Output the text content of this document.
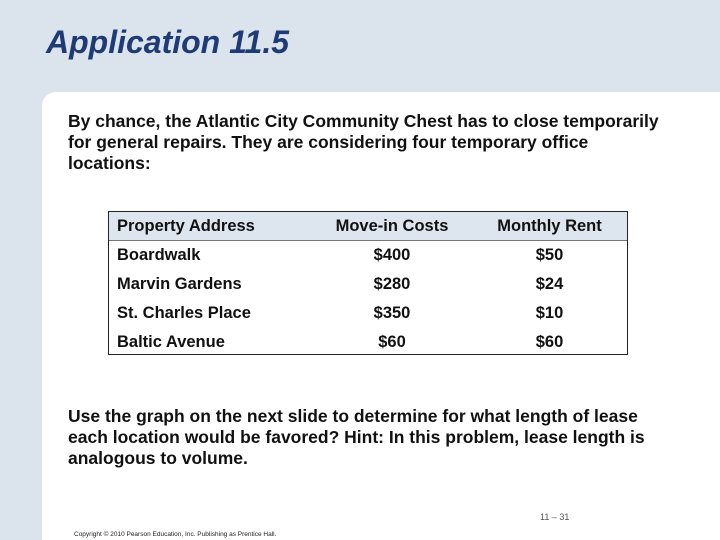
Application 11.5
By chance, the Atlantic City Community Chest has to close temporarily for general repairs. They are considering four temporary office locations:
Property Address	Move-in Costs	Monthly Rent
Boardwalk	$400	$50
Marvin Gardens	$280	$24
St. Charles Place	$350	$10
Baltic Avenue	$60	$60
Use the graph on the next slide to determine for what length of lease each location would be favored? Hint: In this problem, lease length is analogous to volume.
11 – 31
Copyright © 2010 Pearson Education, Inc. Publishing as Prentice Hall.
